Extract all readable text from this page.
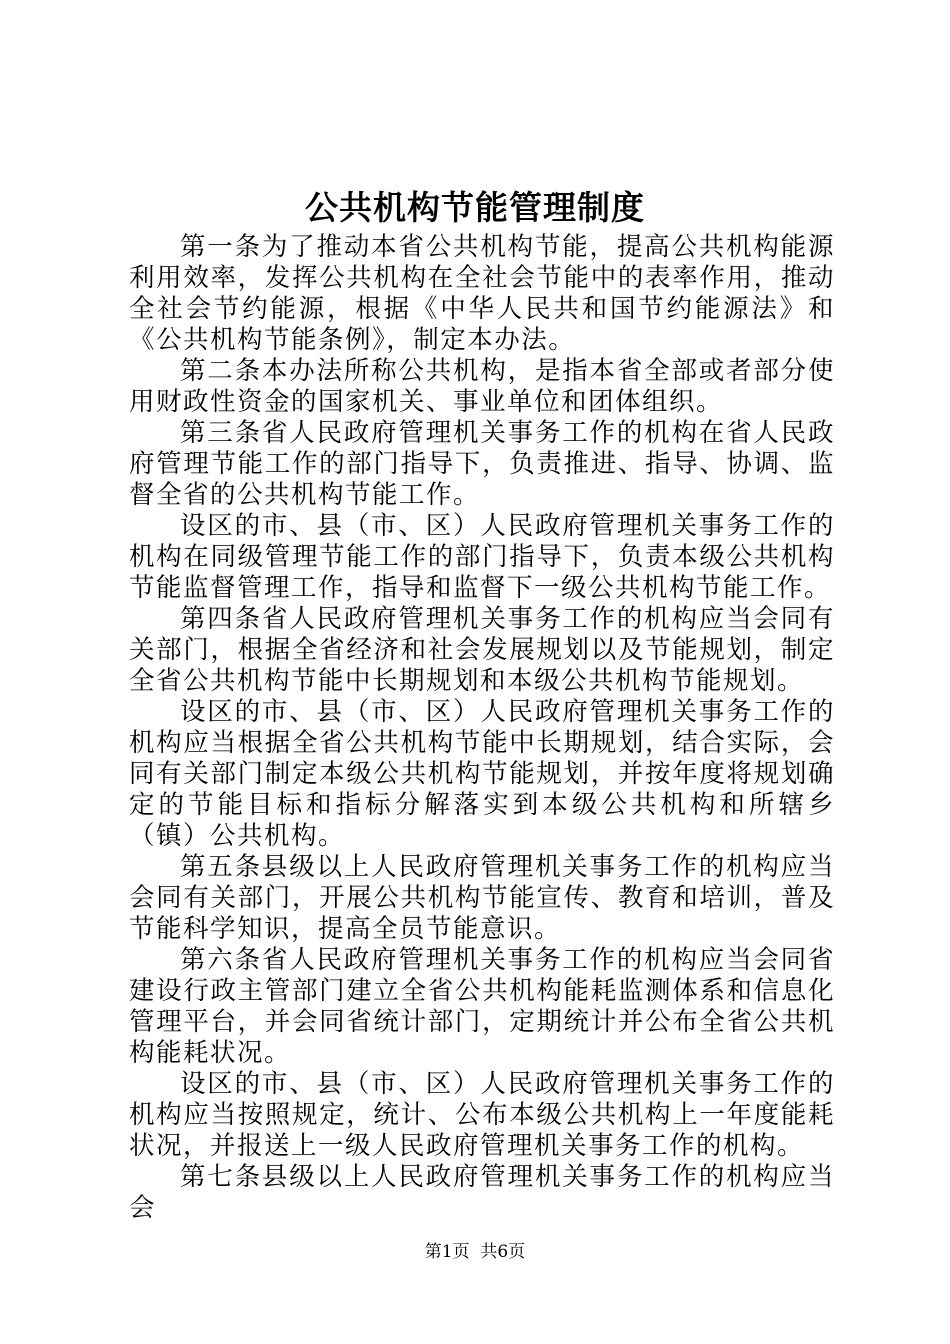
公共机构节能管理制度

第一条为了推动本省公共机构节能，提高公共机构能源利用效率，发挥公共机构在全社会节能中的表率作用，推动全社会节约能源，根据《中华人民共和国节约能源法》和《公共机构节能条例》，制定本办法。

第二条本办法所称公共机构，是指本省全部或者部分使用财政性资金的国家机关、事业单位和团体组织。

第三条省人民政府管理机关事务工作的机构在省人民政府管理节能工作的部门指导下，负责推进、指导、协调、监督全省的公共机构节能工作。

设区的市、县（市、区）人民政府管理机关事务工作的机构在同级管理节能工作的部门指导下，负责本级公共机构节能监督管理工作，指导和监督下一级公共机构节能工作。

第四条省人民政府管理机关事务工作的机构应当会同有关部门，根据全省经济和社会发展规划以及节能规划，制定全省公共机构节能中长期规划和本级公共机构节能规划。

设区的市、县（市、区）人民政府管理机关事务工作的机构应当根据全省公共机构节能中长期规划，结合实际，会同有关部门制定本级公共机构节能规划，并按年度将规划确定的节能目标和指标分解落实到本级公共机构和所辖乡（镇）公共机构。

第五条县级以上人民政府管理机关事务工作的机构应当会同有关部门，开展公共机构节能宣传、教育和培训，普及节能科学知识，提高全员节能意识。

第六条省人民政府管理机关事务工作的机构应当会同省建设行政主管部门建立全省公共机构能耗监测体系和信息化管理平台，并会同省统计部门，定期统计并公布全省公共机构能耗状况。

设区的市、县（市、区）人民政府管理机关事务工作的机构应当按照规定，统计、公布本级公共机构上一年度能耗状况，并报送上一级人民政府管理机关事务工作的机构。

第七条县级以上人民政府管理机关事务工作的机构应当会

第1页  共6页
